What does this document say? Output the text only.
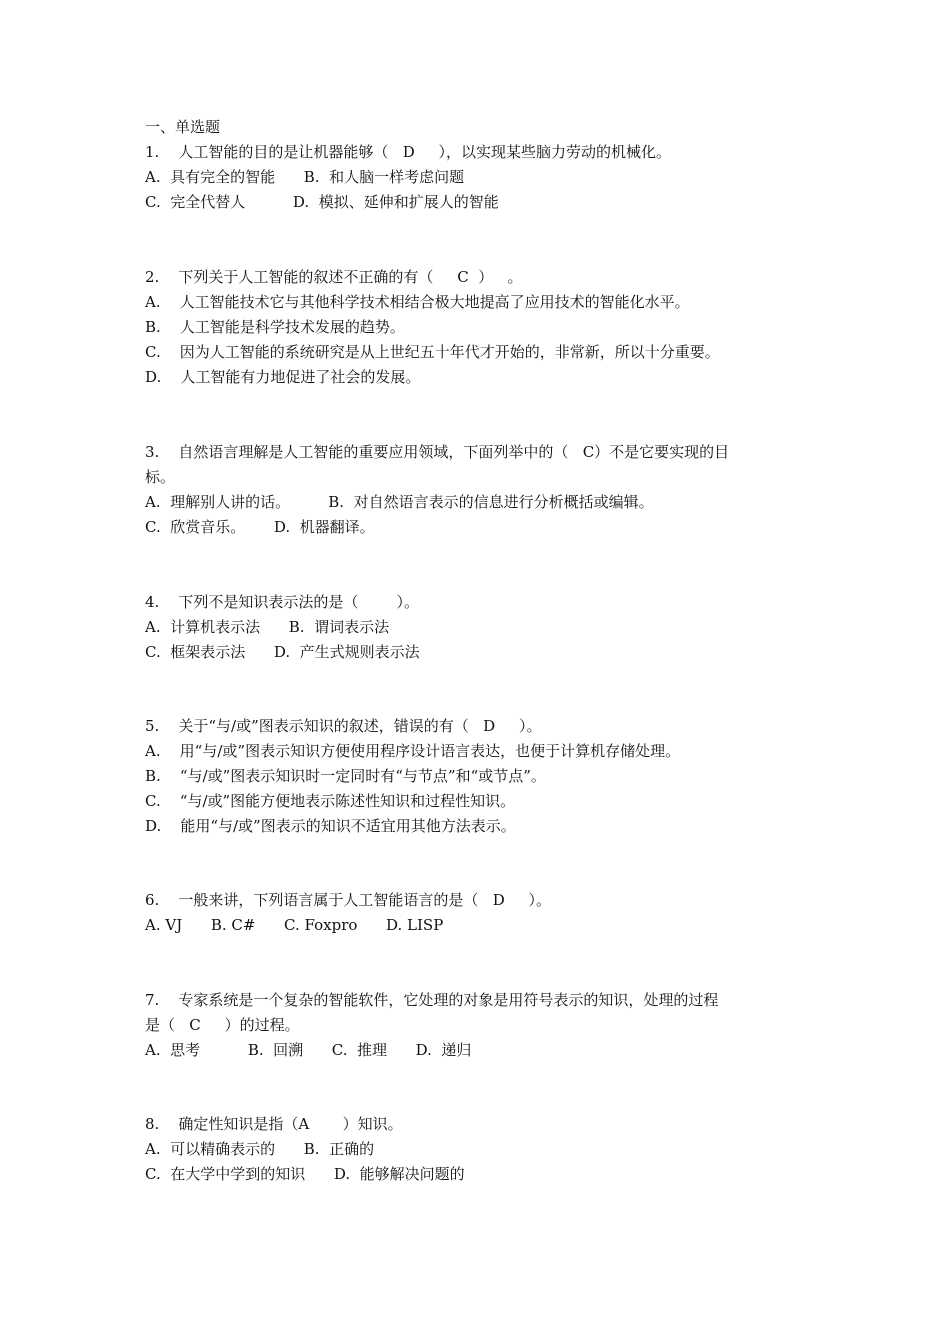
一、单选题
1.    人工智能的目的是让机器能够（   D     ），以实现某些脑力劳动的机械化。
A.  具有完全的智能      B.  和人脑一样考虑问题
C.  完全代替人          D.  模拟、延伸和扩展人的智能
2.    下列关于人工智能的叙述不正确的有（     C  ）   。
A.    人工智能技术它与其他科学技术相结合极大地提高了应用技术的智能化水平。
B.    人工智能是科学技术发展的趋势。
C.    因为人工智能的系统研究是从上世纪五十年代才开始的，非常新，所以十分重要。
D.    人工智能有力地促进了社会的发展。
3.    自然语言理解是人工智能的重要应用领域，下面列举中的（   C）不是它要实现的目
标。
A.  理解别人讲的话。        B.  对自然语言表示的信息进行分析概括或编辑。
C.  欣赏音乐。      D.  机器翻译。
4.    下列不是知识表示法的是（        ）。
A.  计算机表示法      B.  谓词表示法
C.  框架表示法      D.  产生式规则表示法
5.    关于“与/或”图表示知识的叙述，错误的有（   D     ）。
A.    用“与/或”图表示知识方便使用程序设计语言表达，也便于计算机存储处理。
B.    “与/或”图表示知识时一定同时有“与节点”和“或节点”。
C.    “与/或”图能方便地表示陈述性知识和过程性知识。
D.    能用“与/或”图表示的知识不适宜用其他方法表示。
6.    一般来讲，下列语言属于人工智能语言的是（   D     ）。
A. VJ      B. C#      C. Foxpro      D. LISP
7.    专家系统是一个复杂的智能软件，它处理的对象是用符号表示的知识，处理的过程
是（   C     ）的过程。
A.  思考          B.  回溯      C.  推理      D.  递归
8.    确定性知识是指（A       ）知识。
A.  可以精确表示的      B.  正确的
C.  在大学中学到的知识      D.  能够解决问题的
